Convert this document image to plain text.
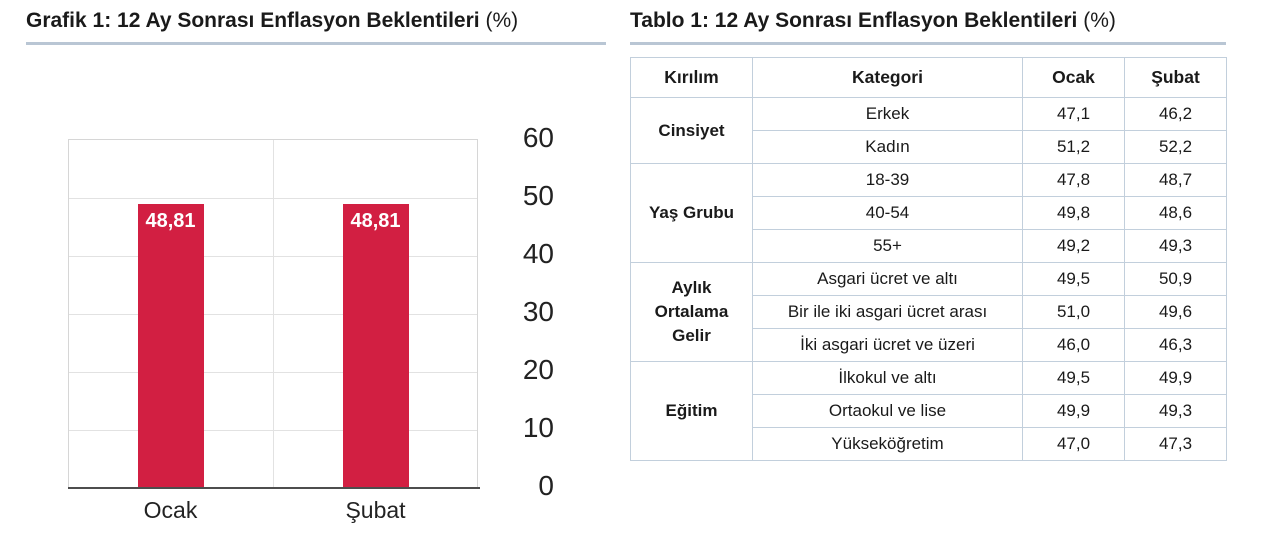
Grafik 1: 12 Ay Sonrası Enflasyon Beklentileri (%)
48,81	48,81
Ocak	Şubat
60
50
40
30
20
10
0
Tablo 1: 12 Ay Sonrası Enflasyon Beklentileri (%)
Kırılım	Kategori	Ocak	Şubat
Cinsiyet	Erkek	47,1	46,2
	Kadın	51,2	52,2
Yaş Grubu	18-39	47,8	48,7
	40-54	49,8	48,6
	55+	49,2	49,3
Aylık Ortalama Gelir	Asgari ücret ve altı	49,5	50,9
	Bir ile iki asgari ücret arası	51,0	49,6
	İki asgari ücret ve üzeri	46,0	46,3
Eğitim	İlkokul ve altı	49,5	49,9
	Ortaokul ve lise	49,9	49,3
	Yükseköğretim	47,0	47,3
